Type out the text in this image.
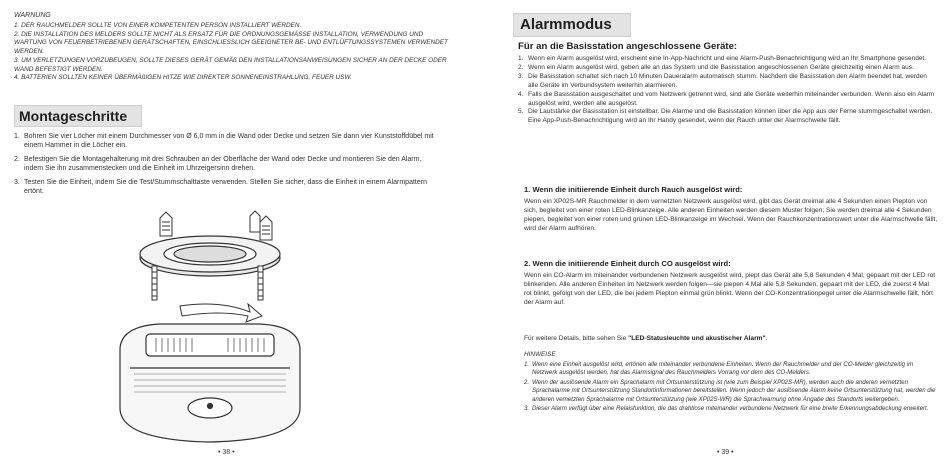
WARNUNG
1. DER RAUCHMELDER SOLLTE VON EINER KOMPETENTEN PERSON INSTALLIERT WERDEN.
2. DIE INSTALLATION DES MELDERS SOLLTE NICHT ALS ERSATZ FÜR DIE ORDNUNGSGEMÄSSE INSTALLATION, VERWENDUNG UND WARTUNG VON FEUERBETRIEBENEN GERÄTSCHAFTEN, EINSCHLIESSLICH GEEIGNETER BE- UND ENTLÜFTUNGSSYSTEMEN VERWENDET WERDEN.
3. UM VERLETZUNGEN VORZUBEUGEN, SOLLTE DIESES GERÄT GEMÄß DEN INSTALLATIONSANWEISUNGEN SICHER AN DER DECKE ODER WAND BEFESTIGT WERDEN.
4. BATTERIEN SOLLTEN KEINER ÜBERMÄßIGEN HITZE WIE DIREKTER SONNENEINSTRAHLUNG, FEUER USW.
Montageschritte
1. Bohren Sie vier Löcher mit einem Durchmesser von Ø 6,0 mm in die Wand oder Decke und setzen Sie dann vier Kunststoffdübel mit einem Hammer in die Löcher ein.
2. Befestigen Sie die Montagehalterung mit drei Schrauben an der Oberfläche der Wand oder Decke und montieren Sie den Alarm, indem Sie ihn zusammenstecken und die Einheit im Uhrzeigersinn drehen.
3. Testen Sie die Einheit, indem Sie die Test/Stummschalttaste verwenden. Stellen Sie sicher, dass die Einheit in einem Alarmpattern ertönt.
• 38 •
Alarmmodus
Für an die Basisstation angeschlossene Geräte:
1. Wenn ein Alarm ausgelöst wird, erscheint eine In-App-Nachricht und eine Alarm-Push-Benachrichtigung wird an Ihr Smartphone gesendet.
2. Wenn ein Alarm ausgelöst wird, geben alle an das System und die Basisstation angeschlossenen Geräte gleichzeitig einen Alarm aus.
3. Die Basisstation schaltet sich nach 10 Minuten Daueralarm automatisch stumm. Nachdem die Basisstation den Alarm beendet hat, werden alle Geräte im Verbundsystem weiterhin alarmieren.
4. Falls die Basisstation ausgeschaltet und vom Netzwerk getrennt wird, sind alle Geräte weiterhin miteinander verbunden. Wenn also ein Alarm ausgelöst wird, werden alle ausgelöst.
5. Die Lautstärke der Basisstation ist einstellbar. Die Alarme und die Basisstation können über die App aus der Ferne stummgeschaltet werden. Eine App-Push-Benachrichtigung wird an Ihr Handy gesendet, wenn der Rauch unter der Alarmschwelle fällt.
1. Wenn die initiierende Einheit durch Rauch ausgelöst wird:
Wenn ein XP02S-MR Rauchmelder in dem vernetzten Netzwerk ausgelöst wird, gibt das Gerät dreimal alle 4 Sekunden einen Piepton von sich, begleitet von einer roten LED-Blinkanzeige. Alle anderen Einheiten werden diesem Muster folgen; Sie werden dreimal alle 4 Sekunden piepen, begleitet von einer roten und grünen LED-Blinkanzeige im Wechsel. Wenn der Rauchkonzentrationswert unter die Alarmschwelle fällt, wird der Alarm aufhören.
2. Wenn die initiierende Einheit durch CO ausgelöst wird:
Wenn ein CO-Alarm im miteinander verbundenen Netzwerk ausgelöst wird, piept das Gerät alle 5,8 Sekunden 4 Mal, gepaart mit der LED rot blinkenden. Alle anderen Einheiten im Netzwerk werden folgen—sie piepen 4 Mal alle 5,8 Sekunden, gepaart mit der LED, die zuerst 4 Mal rot blinkt, gefolgt von der LED, die bei jedem Piepton einmal grün blinkt. Wenn der CO-Konzentrationpegel unter die Alarmschwelle fällt, hört der Alarm auf.
Für weitere Details, bitte sehen Sie "LED-Statusleuchte und akustischer Alarm".
HINWEISE
1. Wenn eine Einheit ausgelöst wird, ertönen alle miteinander verbundene Einheiten. Wenn der Rauchmelder und der CO-Melder gleichzeitig im Netzwerk ausgelöst werden, hat das Alarmsignal des Rauchmelders Vorrang vor dem des CO-Melders.
2. Wenn der auslösende Alarm ein Sprachalarm mit Ortsunterstützung ist (wie zum Beispiel XP02S-MR), werden auch die anderen vernetzten Sprachalarme mit Ortsunterstützung Standortinformationen bereitstellen. Wenn jedoch der auslösende Alarm keine Ortsunterstützung hat, werden die anderen vernetzten Sprachalarme mit Ortsunterstützung (wie XP02S-WR) die Sprachwarnung ohne Angabe des Standorts weitergeben.
3. Dieser Alarm verfügt über eine Relaisfunktion, die das drahtlose miteinander verbundene Netzwerk für eine breite Erkennungsabdeckung erweitert.
• 39 •
